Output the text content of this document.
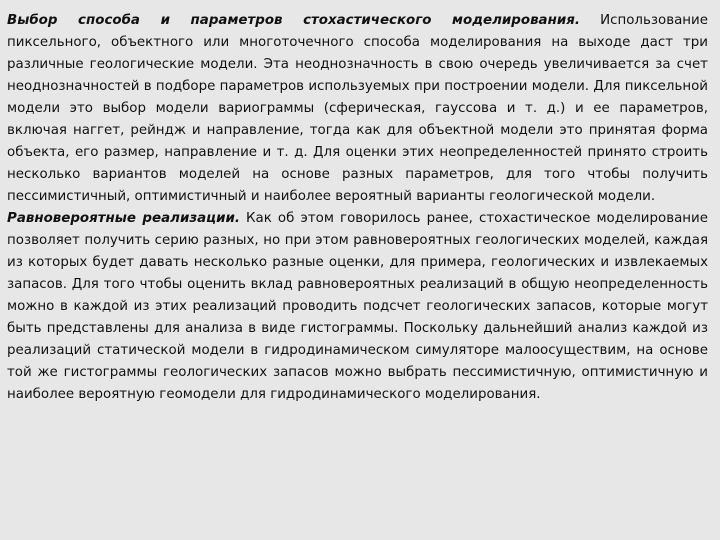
Выбор способа и параметров стохастического моделирования. Использование пиксельного, объектного или многоточечного способа моделирования на выходе даст три различные геологические модели. Эта неоднозначность в свою очередь увеличивается за счет неоднозначностей в подборе параметров используемых при построении модели. Для пиксельной модели это выбор модели вариограммы (сферическая, гауссова и т. д.) и ее параметров, включая наггет, рейндж и направление, тогда как для объектной модели это принятая форма объекта, его размер, направление и т. д. Для оценки этих неопределенностей принято строить несколько вариантов моделей на основе разных параметров, для того чтобы получить пессимистичный, оптимистичный и наиболее вероятный варианты геологической модели.

Равновероятные реализации. Как об этом говорилось ранее, стохастическое моделирование позволяет получить серию разных, но при этом равновероятных геологических моделей, каждая из которых будет давать несколько разные оценки, для примера, геологических и извлекаемых запасов. Для того чтобы оценить вклад равновероятных реализаций в общую неопределенность можно в каждой из этих реализаций проводить подсчет геологических запасов, которые могут быть представлены для анализа в виде гистограммы. Поскольку дальнейший анализ каждой из реализаций статической модели в гидродинамическом симуляторе малоосуществим, на основе той же гистограммы геологических запасов можно выбрать пессимистичную, оптимистичную и наиболее вероятную геомодели для гидродинамического моделирования.
